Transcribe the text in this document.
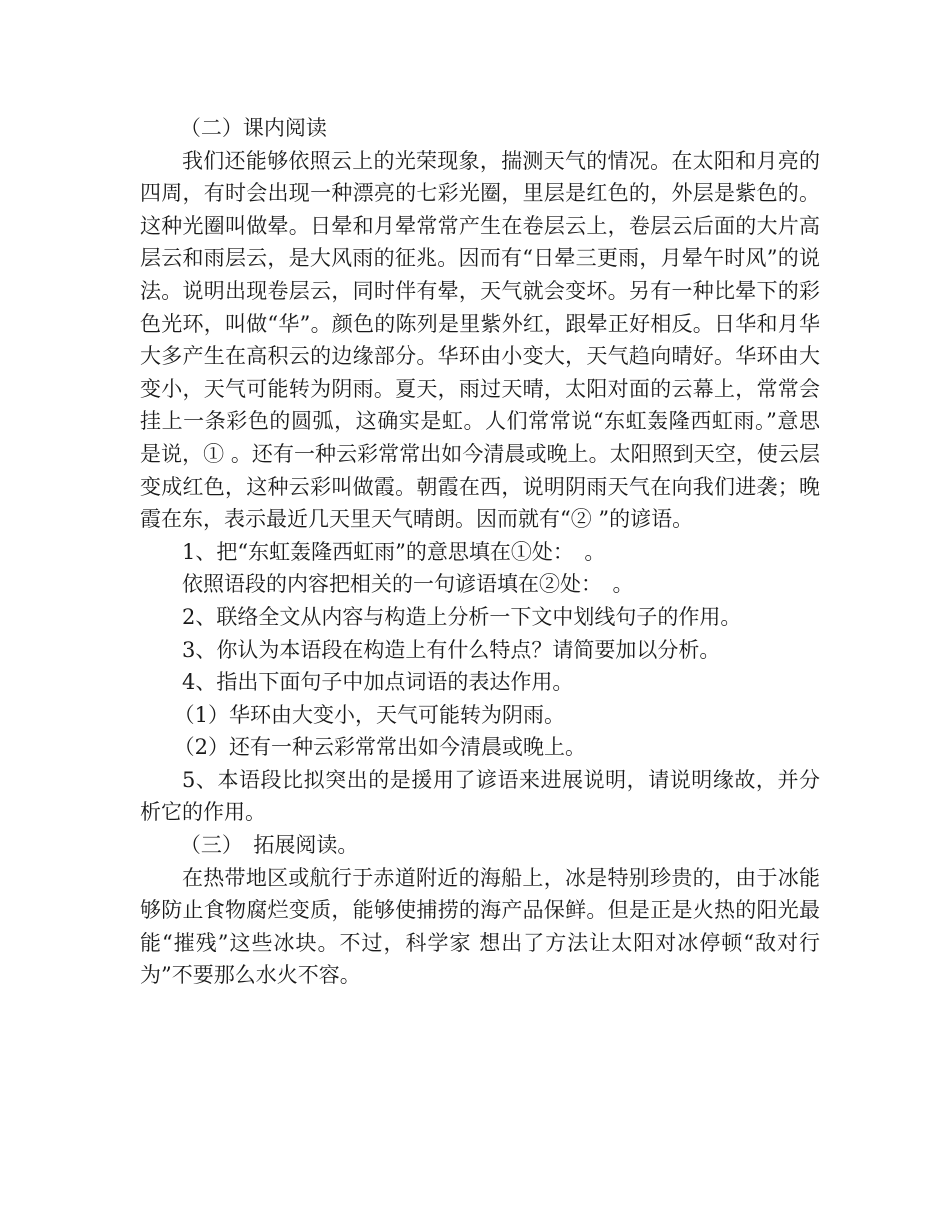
（二）课内阅读

我们还能够依照云上的光荣现象，揣测天气的情况。在太阳和月亮的四周，有时会出现一种漂亮的七彩光圈，里层是红色的，外层是紫色的。这种光圈叫做晕。日晕和月晕常常产生在卷层云上，卷层云后面的大片高层云和雨层云，是大风雨的征兆。因而有“日晕三更雨，月晕午时风”的说法。说明出现卷层云，同时伴有晕，天气就会变坏。另有一种比晕下的彩色光环，叫做“华”。颜色的陈列是里紫外红，跟晕正好相反。日华和月华大多产生在高积云的边缘部分。华环由小变大，天气趋向晴好。华环由大变小，天气可能转为阴雨。夏天，雨过天晴，太阳对面的云幕上，常常会挂上一条彩色的圆弧，这确实是虹。人们常常说“东虹轰隆西虹雨。”意思是说，① 。还有一种云彩常常出如今清晨或晚上。太阳照到天空，使云层变成红色，这种云彩叫做霞。朝霞在西，说明阴雨天气在向我们进袭；晚霞在东，表示最近几天里天气晴朗。因而就有“② ”的谚语。

1、把“东虹轰隆西虹雨”的意思填在①处：　。

依照语段的内容把相关的一句谚语填在②处：　。

2、联络全文从内容与构造上分析一下文中划线句子的作用。

3、你认为本语段在构造上有什么特点？请简要加以分析。

4、指出下面句子中加点词语的表达作用。

（1）华环由大变小，天气可能转为阴雨。

（2）还有一种云彩常常出如今清晨或晚上。

5、本语段比拟突出的是援用了谚语来进展说明，请说明缘故，并分析它的作用。

（三）　拓展阅读。

在热带地区或航行于赤道附近的海船上，冰是特别珍贵的，由于冰能够防止食物腐烂变质，能够使捕捞的海产品保鲜。但是正是火热的阳光最能“摧残”这些冰块。不过，科学家 想出了方法让太阳对冰停顿“敌对行为”不要那么水火不容。
